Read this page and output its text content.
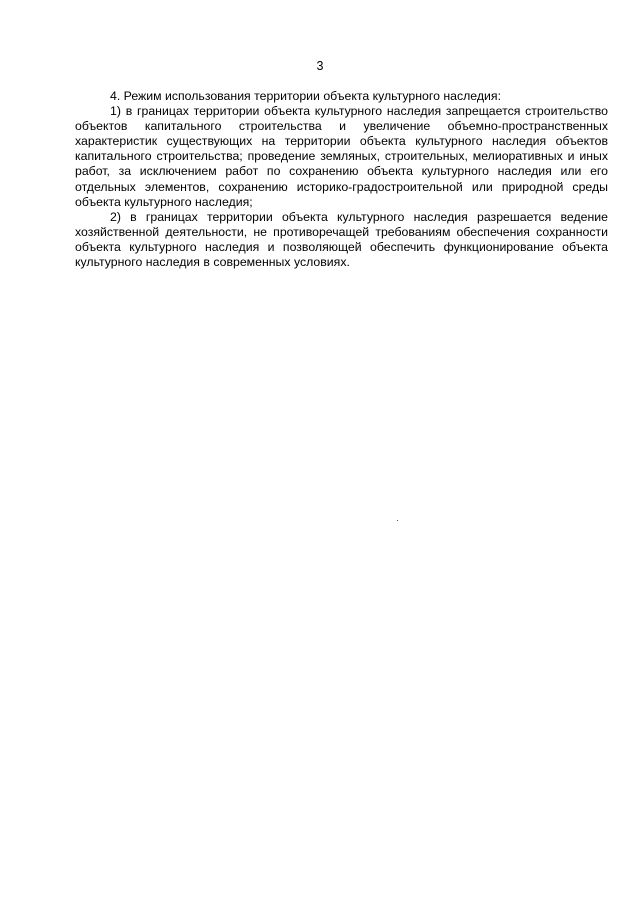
3

4. Режим использования территории объекта культурного наследия:

1) в границах территории объекта культурного наследия запрещается строительство объектов капитального строительства и увеличение объемно-пространственных характеристик существующих на территории объекта культурного наследия объектов капитального строительства; проведение земляных, строительных, мелиоративных и иных работ, за исключением работ по сохранению объекта культурного наследия или его отдельных элементов, сохранению историко-градостроительной или природной среды объекта культурного наследия;

2) в границах территории объекта культурного наследия разрешается ведение хозяйственной деятельности, не противоречащей требованиям обеспечения сохранности объекта культурного наследия и позволяющей обеспечить функционирование объекта культурного наследия в современных условиях.
